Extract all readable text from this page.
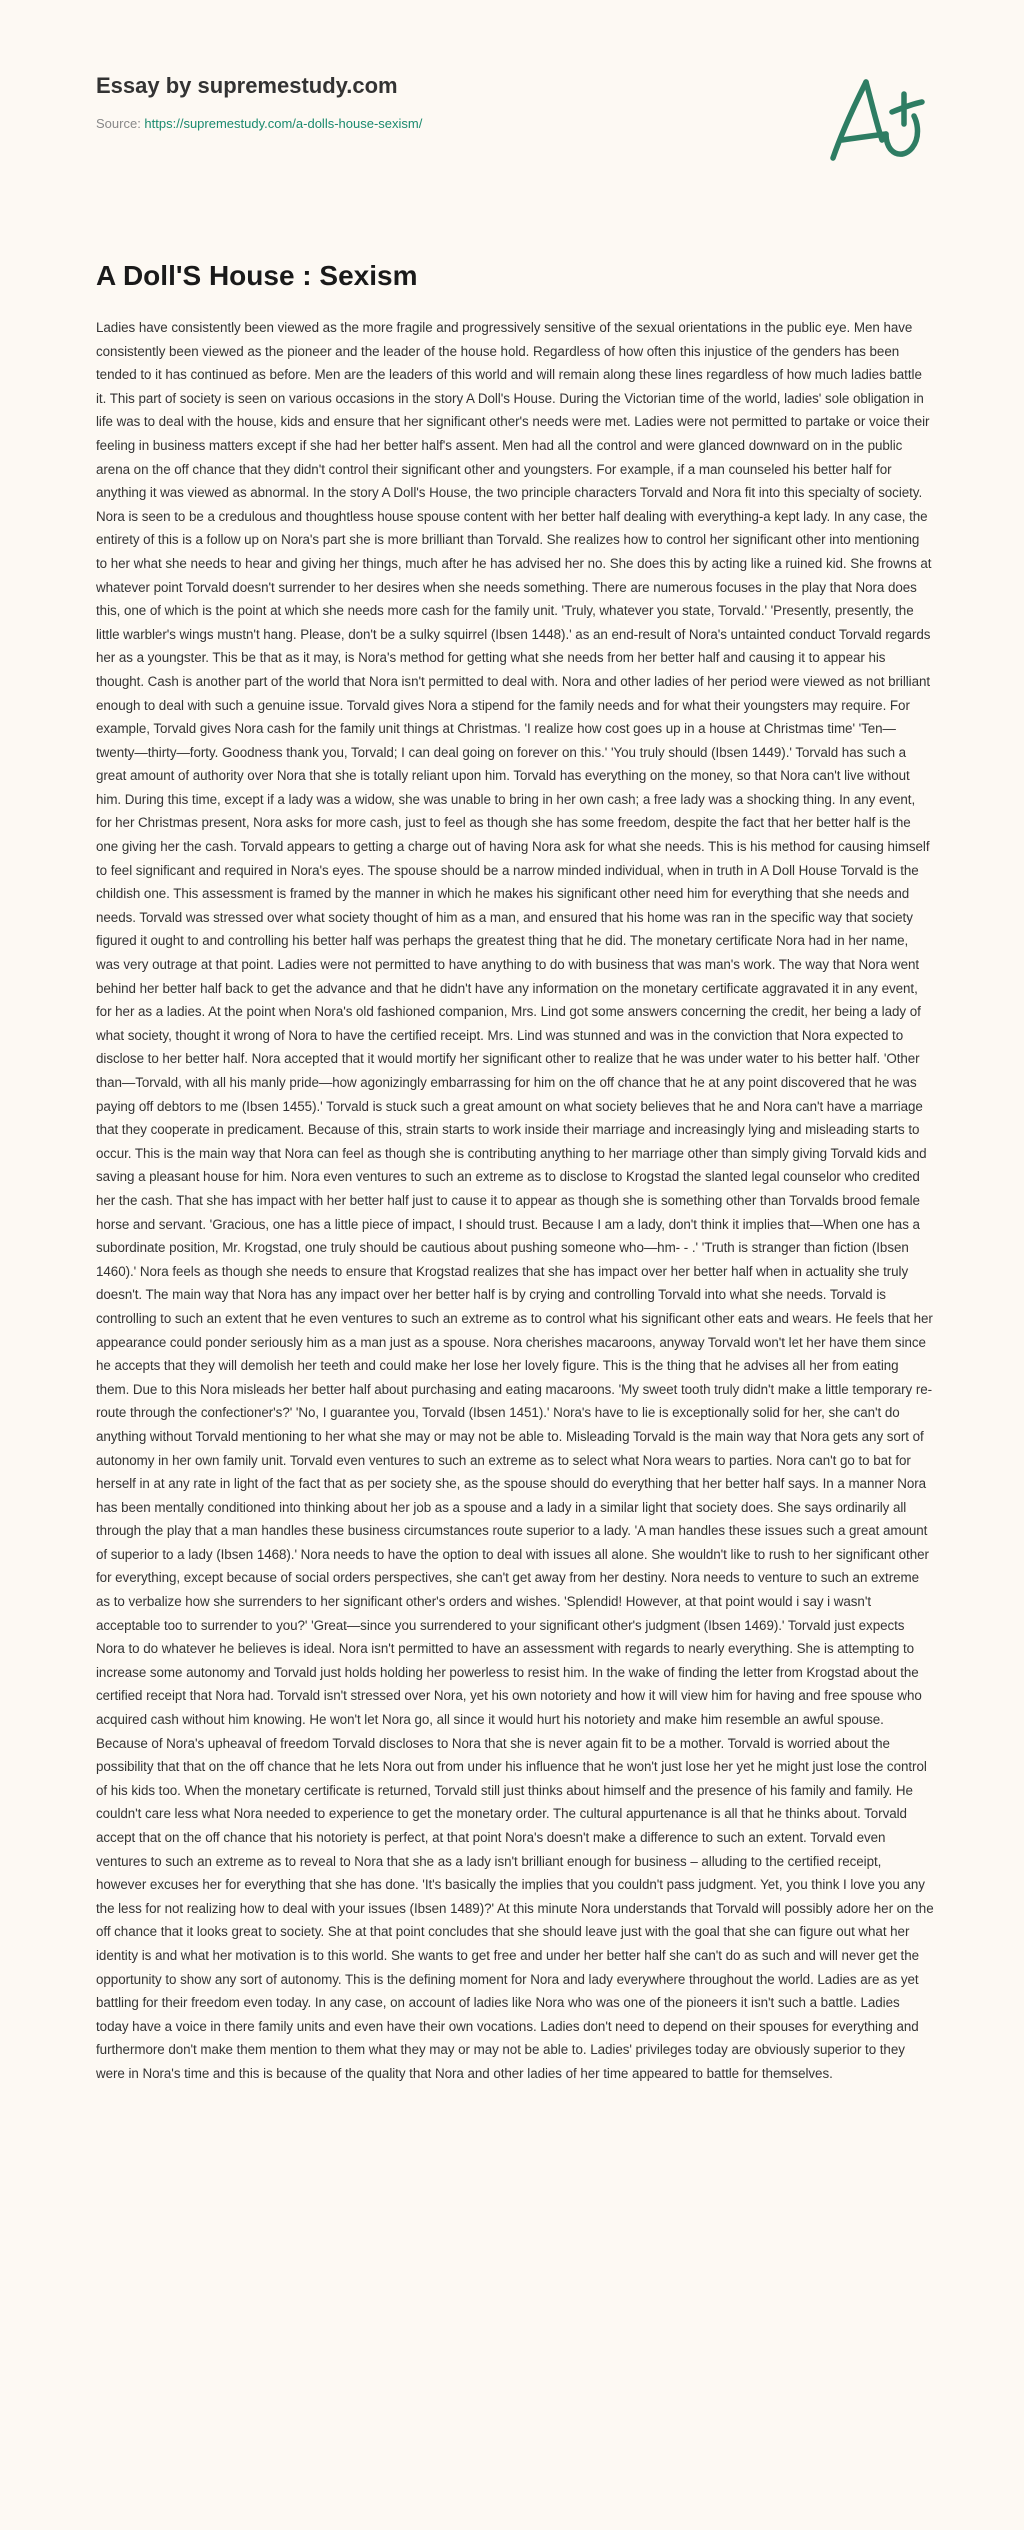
Essay by supremestudy.com
Source: https://supremestudy.com/a-dolls-house-sexism/
A Doll'S House : Sexism

Ladies have consistently been viewed as the more fragile and progressively sensitive of the sexual orientations in the public eye. Men have consistently been viewed as the pioneer and the leader of the house hold. Regardless of how often this injustice of the genders has been tended to it has continued as before. Men are the leaders of this world and will remain along these lines regardless of how much ladies battle it. This part of society is seen on various occasions in the story A Doll's House. During the Victorian time of the world, ladies' sole obligation in life was to deal with the house, kids and ensure that her significant other's needs were met. Ladies were not permitted to partake or voice their feeling in business matters except if she had her better half's assent. Men had all the control and were glanced downward on in the public arena on the off chance that they didn't control their significant other and youngsters. For example, if a man counseled his better half for anything it was viewed as abnormal. In the story A Doll's House, the two principle characters Torvald and Nora fit into this specialty of society. Nora is seen to be a credulous and thoughtless house spouse content with her better half dealing with everything-a kept lady. In any case, the entirety of this is a follow up on Nora's part she is more brilliant than Torvald. She realizes how to control her significant other into mentioning to her what she needs to hear and giving her things, much after he has advised her no. She does this by acting like a ruined kid. She frowns at whatever point Torvald doesn't surrender to her desires when she needs something. There are numerous focuses in the play that Nora does this, one of which is the point at which she needs more cash for the family unit. 'Truly, whatever you state, Torvald.' 'Presently, presently, the little warbler's wings mustn't hang. Please, don't be a sulky squirrel (Ibsen 1448).' as an end-result of Nora's untainted conduct Torvald regards her as a youngster. This be that as it may, is Nora's method for getting what she needs from her better half and causing it to appear his thought. Cash is another part of the world that Nora isn't permitted to deal with. Nora and other ladies of her period were viewed as not brilliant enough to deal with such a genuine issue. Torvald gives Nora a stipend for the family needs and for what their youngsters may require. For example, Torvald gives Nora cash for the family unit things at Christmas. 'I realize how cost goes up in a house at Christmas time' 'Ten—twenty—thirty—forty. Goodness thank you, Torvald; I can deal going on forever on this.' 'You truly should (Ibsen 1449).' Torvald has such a great amount of authority over Nora that she is totally reliant upon him. Torvald has everything on the money, so that Nora can't live without him. During this time, except if a lady was a widow, she was unable to bring in her own cash; a free lady was a shocking thing. In any event, for her Christmas present, Nora asks for more cash, just to feel as though she has some freedom, despite the fact that her better half is the one giving her the cash. Torvald appears to getting a charge out of having Nora ask for what she needs. This is his method for causing himself to feel significant and required in Nora's eyes. The spouse should be a narrow minded individual, when in truth in A Doll House Torvald is the childish one. This assessment is framed by the manner in which he makes his significant other need him for everything that she needs and needs. Torvald was stressed over what society thought of him as a man, and ensured that his home was ran in the specific way that society figured it ought to and controlling his better half was perhaps the greatest thing that he did. The monetary certificate Nora had in her name, was very outrage at that point. Ladies were not permitted to have anything to do with business that was man's work. The way that Nora went behind her better half back to get the advance and that he didn't have any information on the monetary certificate aggravated it in any event, for her as a ladies. At the point when Nora's old fashioned companion, Mrs. Lind got some answers concerning the credit, her being a lady of what society, thought it wrong of Nora to have the certified receipt. Mrs. Lind was stunned and was in the conviction that Nora expected to disclose to her better half. Nora accepted that it would mortify her significant other to realize that he was under water to his better half. 'Other than—Torvald, with all his manly pride—how agonizingly embarrassing for him on the off chance that he at any point discovered that he was paying off debtors to me (Ibsen 1455).' Torvald is stuck such a great amount on what society believes that he and Nora can't have a marriage that they cooperate in predicament. Because of this, strain starts to work inside their marriage and increasingly lying and misleading starts to occur. This is the main way that Nora can feel as though she is contributing anything to her marriage other than simply giving Torvald kids and saving a pleasant house for him. Nora even ventures to such an extreme as to disclose to Krogstad the slanted legal counselor who credited her the cash. That she has impact with her better half just to cause it to appear as though she is something other than Torvalds brood female horse and servant. 'Gracious, one has a little piece of impact, I should trust. Because I am a lady, don't think it implies that—When one has a subordinate position, Mr. Krogstad, one truly should be cautious about pushing someone who—hm- - .' 'Truth is stranger than fiction (Ibsen 1460).' Nora feels as though she needs to ensure that Krogstad realizes that she has impact over her better half when in actuality she truly doesn't. The main way that Nora has any impact over her better half is by crying and controlling Torvald into what she needs. Torvald is controlling to such an extent that he even ventures to such an extreme as to control what his significant other eats and wears. He feels that her appearance could ponder seriously him as a man just as a spouse. Nora cherishes macaroons, anyway Torvald won't let her have them since he accepts that they will demolish her teeth and could make her lose her lovely figure. This is the thing that he advises all her from eating them. Due to this Nora misleads her better half about purchasing and eating macaroons. 'My sweet tooth truly didn't make a little temporary re-route through the confectioner's?' 'No, I guarantee you, Torvald (Ibsen 1451).' Nora's have to lie is exceptionally solid for her, she can't do anything without Torvald mentioning to her what she may or may not be able to. Misleading Torvald is the main way that Nora gets any sort of autonomy in her own family unit. Torvald even ventures to such an extreme as to select what Nora wears to parties. Nora can't go to bat for herself in at any rate in light of the fact that as per society she, as the spouse should do everything that her better half says. In a manner Nora has been mentally conditioned into thinking about her job as a spouse and a lady in a similar light that society does. She says ordinarily all through the play that a man handles these business circumstances route superior to a lady. 'A man handles these issues such a great amount of superior to a lady (Ibsen 1468).' Nora needs to have the option to deal with issues all alone. She wouldn't like to rush to her significant other for everything, except because of social orders perspectives, she can't get away from her destiny. Nora needs to venture to such an extreme as to verbalize how she surrenders to her significant other's orders and wishes. 'Splendid! However, at that point would i say i wasn't acceptable too to surrender to you?' 'Great—since you surrendered to your significant other's judgment (Ibsen 1469).' Torvald just expects Nora to do whatever he believes is ideal. Nora isn't permitted to have an assessment with regards to nearly everything. She is attempting to increase some autonomy and Torvald just holds holding her powerless to resist him. In the wake of finding the letter from Krogstad about the certified receipt that Nora had. Torvald isn't stressed over Nora, yet his own notoriety and how it will view him for having and free spouse who acquired cash without him knowing. He won't let Nora go, all since it would hurt his notoriety and make him resemble an awful spouse. Because of Nora's upheaval of freedom Torvald discloses to Nora that she is never again fit to be a mother. Torvald is worried about the possibility that that on the off chance that he lets Nora out from under his influence that he won't just lose her yet he might just lose the control of his kids too. When the monetary certificate is returned, Torvald still just thinks about himself and the presence of his family and family. He couldn't care less what Nora needed to experience to get the monetary order. The cultural appurtenance is all that he thinks about. Torvald accept that on the off chance that his notoriety is perfect, at that point Nora's doesn't make a difference to such an extent. Torvald even ventures to such an extreme as to reveal to Nora that she as a lady isn't brilliant enough for business – alluding to the certified receipt, however excuses her for everything that she has done. 'It's basically the implies that you couldn't pass judgment. Yet, you think I love you any the less for not realizing how to deal with your issues (Ibsen 1489)?' At this minute Nora understands that Torvald will possibly adore her on the off chance that it looks great to society. She at that point concludes that she should leave just with the goal that she can figure out what her identity is and what her motivation is to this world. She wants to get free and under her better half she can't do as such and will never get the opportunity to show any sort of autonomy. This is the defining moment for Nora and lady everywhere throughout the world. Ladies are as yet battling for their freedom even today. In any case, on account of ladies like Nora who was one of the pioneers it isn't such a battle. Ladies today have a voice in there family units and even have their own vocations. Ladies don't need to depend on their spouses for everything and furthermore don't make them mention to them what they may or may not be able to. Ladies' privileges today are obviously superior to they were in Nora's time and this is because of the quality that Nora and other ladies of her time appeared to battle for themselves.
